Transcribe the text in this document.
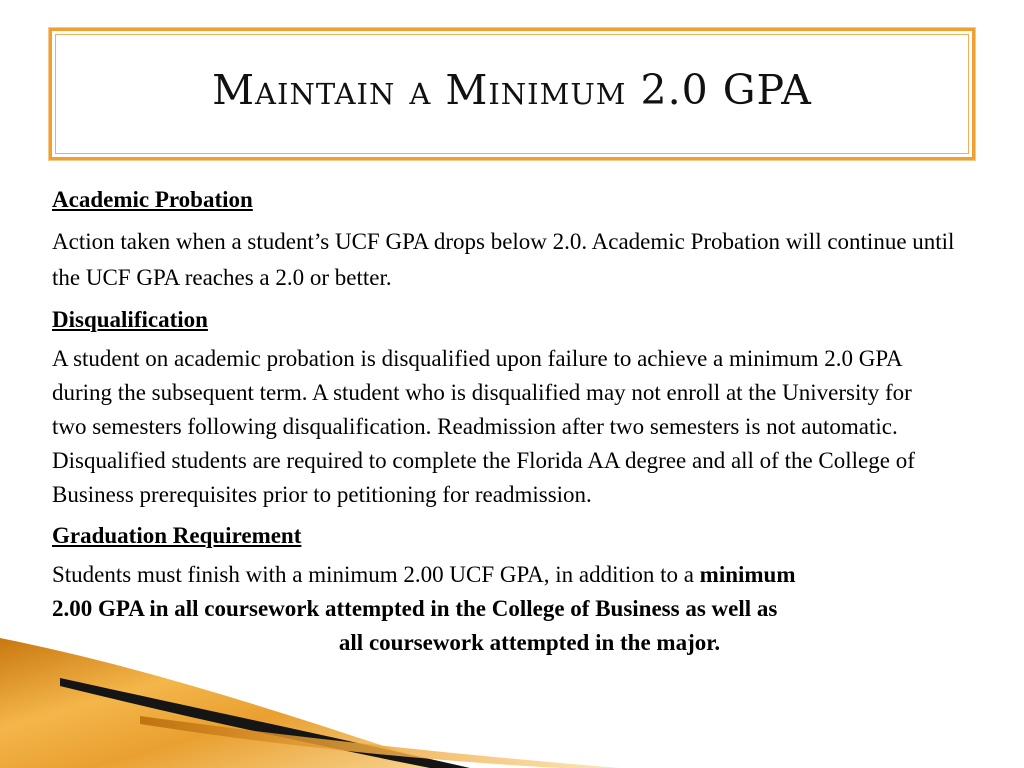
Maintain a Minimum 2.0 GPA
Academic Probation
Action taken when a student’s UCF GPA drops below 2.0. Academic Probation will continue until the UCF GPA reaches a 2.0 or better.
Disqualification
A student on academic probation is disqualified upon failure to achieve a minimum 2.0 GPA during the subsequent term. A student who is disqualified may not enroll at the University for two semesters following disqualification. Readmission after two semesters is not automatic. Disqualified students are required to complete the Florida AA degree and all of the College of Business prerequisites prior to petitioning for readmission.
Graduation Requirement
Students must finish with a minimum 2.00 UCF GPA, in addition to a minimum
2.00 GPA in all coursework attempted in the College of Business as well as
all coursework attempted in the major.
